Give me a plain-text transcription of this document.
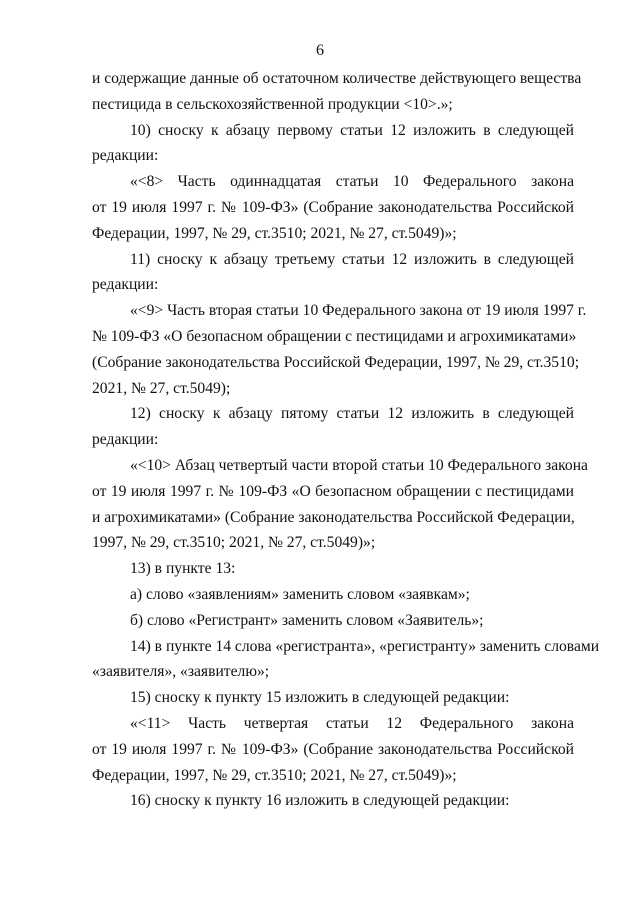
6
и содержащие данные об остаточном количестве действующего вещества
пестицида в сельскохозяйственной продукции <10>.»;
10) сноску к абзацу первому статьи 12 изложить в следующей
редакции:
«<8> Часть одиннадцатая статьи 10 Федерального закона
от 19 июля 1997 г. № 109-ФЗ» (Собрание законодательства Российской
Федерации, 1997, № 29, ст.3510; 2021, № 27, ст.5049)»;
11) сноску к абзацу третьему статьи 12 изложить в следующей
редакции:
«<9> Часть вторая статьи 10 Федерального закона от 19 июля 1997 г.
№ 109-ФЗ «О безопасном обращении с пестицидами и агрохимикатами»
(Собрание законодательства Российской Федерации, 1997, № 29, ст.3510;
2021, № 27, ст.5049);
12) сноску к абзацу пятому статьи 12 изложить в следующей
редакции:
«<10> Абзац четвертый части второй статьи 10 Федерального закона
от 19 июля 1997 г. № 109-ФЗ «О безопасном обращении с пестицидами
и агрохимикатами» (Собрание законодательства Российской Федерации,
1997, № 29, ст.3510; 2021, № 27, ст.5049)»;
13) в пункте 13:
а) слово «заявлениям» заменить словом «заявкам»;
б) слово «Регистрант» заменить словом «Заявитель»;
14) в пункте 14 слова «регистранта», «регистранту» заменить словами
«заявителя», «заявителю»;
15) сноску к пункту 15 изложить в следующей редакции:
«<11> Часть четвертая статьи 12 Федерального закона
от 19 июля 1997 г. № 109-ФЗ» (Собрание законодательства Российской
Федерации, 1997, № 29, ст.3510; 2021, № 27, ст.5049)»;
16) сноску к пункту 16 изложить в следующей редакции:
